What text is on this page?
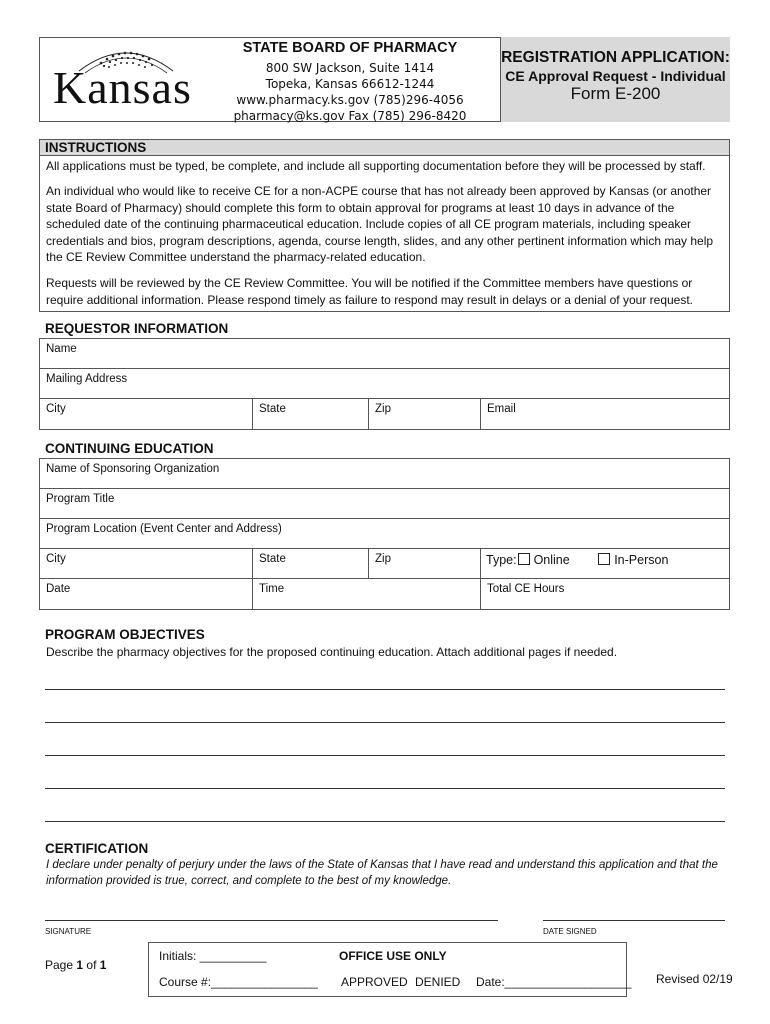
Kansas
STATE BOARD OF PHARMACY
800 SW Jackson, Suite 1414
Topeka, Kansas 66612-1244
www.pharmacy.ks.gov (785)296-4056
pharmacy@ks.gov Fax (785) 296-8420
REGISTRATION APPLICATION:
CE Approval Request - Individual
Form E-200
INSTRUCTIONS
All applications must be typed, be complete, and include all supporting documentation before they will be processed by staff.
An individual who would like to receive CE for a non-ACPE course that has not already been approved by Kansas (or another state Board of Pharmacy) should complete this form to obtain approval for programs at least 10 days in advance of the scheduled date of the continuing pharmaceutical education. Include copies of all CE program materials, including speaker credentials and bios, program descriptions, agenda, course length, slides, and any other pertinent information which may help the CE Review Committee understand the pharmacy-related education.
Requests will be reviewed by the CE Review Committee. You will be notified if the Committee members have questions or require additional information. Please respond timely as failure to respond may result in delays or a denial of your request.
REQUESTOR INFORMATION
Name
Mailing Address
City	State	Zip	Email
CONTINUING EDUCATION
Name of Sponsoring Organization
Program Title
Program Location (Event Center and Address)
City	State	Zip	Type: Online	In-Person
Date	Time	Total CE Hours
PROGRAM OBJECTIVES
Describe the pharmacy objectives for the proposed continuing education. Attach additional pages if needed.
CERTIFICATION
I declare under penalty of perjury under the laws of the State of Kansas that I have read and understand this application and that the information provided is true, correct, and complete to the best of my knowledge.
SIGNATURE	DATE SIGNED
Page 1 of 1
Initials: __________	OFFICE USE ONLY
Course #:________________ APPROVED DENIED Date:___________________ Revised 02/19
